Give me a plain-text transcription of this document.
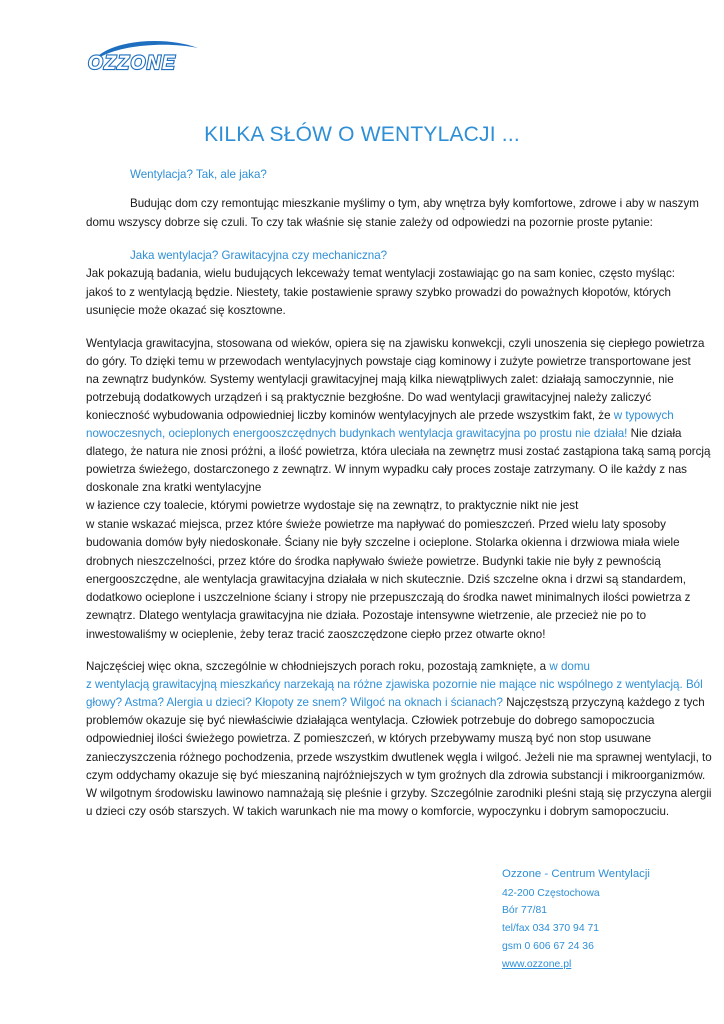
OZZONE
KILKA SŁÓW O WENTYLACJI ...

Wentylacja? Tak, ale jaka?

Budując dom czy remontując mieszkanie myślimy o tym, aby wnętrza były komfortowe, zdrowe i aby w naszym

domu wszyscy dobrze się czuli. To czy tak właśnie się stanie zależy od odpowiedzi na pozornie proste pytanie:

Jaka wentylacja? Grawitacyjna czy mechaniczna?

Jak pokazują badania, wielu budujących lekceważy temat wentylacji zostawiając go na sam koniec, często myśląc:

jakoś to z wentylacją będzie. Niestety, takie postawienie sprawy szybko prowadzi do poważnych kłopotów, których

usunięcie może okazać się kosztowne.

Wentylacja grawitacyjna, stosowana od wieków, opiera się na zjawisku konwekcji, czyli unoszenia się ciepłego powietrza

do góry. To dzięki temu w przewodach wentylacyjnych powstaje ciąg kominowy i zużyte powietrze transportowane jest

na zewnątrz budynków. Systemy wentylacji grawitacyjnej mają kilka niewątpliwych zalet: działają samoczynnie, nie

potrzebują dodatkowych urządzeń i są praktycznie bezgłośne. Do wad wentylacji grawitacyjnej należy zaliczyć

konieczność wybudowania odpowiedniej liczby kominów wentylacyjnych ale przede wszystkim fakt, że w typowych

nowoczesnych, ocieplonych energooszczędnych budynkach wentylacja grawitacyjna po prostu nie działa! Nie działa

dlatego, że natura nie znosi próżni, a ilość powietrza, która uleciała na zewnętrz musi zostać zastąpiona taką samą porcją

powietrza świeżego, dostarczonego z zewnątrz. W innym wypadku cały proces zostaje zatrzymany. O ile każdy z nas

doskonale zna kratki wentylacyjne

w łazience czy toalecie, którymi powietrze wydostaje się na zewnątrz, to praktycznie nikt nie jest

w stanie wskazać miejsca, przez które świeże powietrze ma napływać do pomieszczeń. Przed wielu laty sposoby

budowania domów były niedoskonałe. Ściany nie były szczelne i ocieplone. Stolarka okienna i drzwiowa miała wiele

drobnych nieszczelności, przez które do środka napływało świeże powietrze. Budynki takie nie były z pewnością

energooszczędne, ale wentylacja grawitacyjna działała w nich skutecznie. Dziś szczelne okna i drzwi są standardem,

dodatkowo ocieplone i uszczelnione ściany i stropy nie przepuszczają do środka nawet minimalnych ilości powietrza z

zewnątrz. Dlatego wentylacja grawitacyjna nie działa. Pozostaje intensywne wietrzenie, ale przecież nie po to

inwestowaliśmy w ocieplenie, żeby teraz tracić zaoszczędzone ciepło przez otwarte okno!

Najczęściej więc okna, szczególnie w chłodniejszych porach roku, pozostają zamknięte, a w domu

z wentylacją grawitacyjną mieszkańcy narzekają na różne zjawiska pozornie nie mające nic wspólnego z wentylacją. Ból

głowy? Astma? Alergia u dzieci? Kłopoty ze snem? Wilgoć na oknach i ścianach? Najczęstszą przyczyną każdego z tych

problemów okazuje się być niewłaściwie działająca wentylacja. Człowiek potrzebuje do dobrego samopoczucia

odpowiedniej ilości świeżego powietrza. Z pomieszczeń, w których przebywamy muszą być non stop usuwane

zanieczyszczenia różnego pochodzenia, przede wszystkim dwutlenek węgla i wilgoć. Jeżeli nie ma sprawnej wentylacji, to

czym oddychamy okazuje się być mieszaniną najróżniejszych w tym groźnych dla zdrowia substancji i mikroorganizmów.

W wilgotnym środowisku lawinowo namnażają się pleśnie i grzyby. Szczególnie zarodniki pleśni stają się przyczyna alergii

u dzieci czy osób starszych. W takich warunkach nie ma mowy o komforcie, wypoczynku i dobrym samopoczuciu.

Ozzone - Centrum Wentylacji
42-200 Częstochowa
Bór 77/81
tel/fax 034 370 94 71
gsm 0 606 67 24 36
www.ozzone.pl
